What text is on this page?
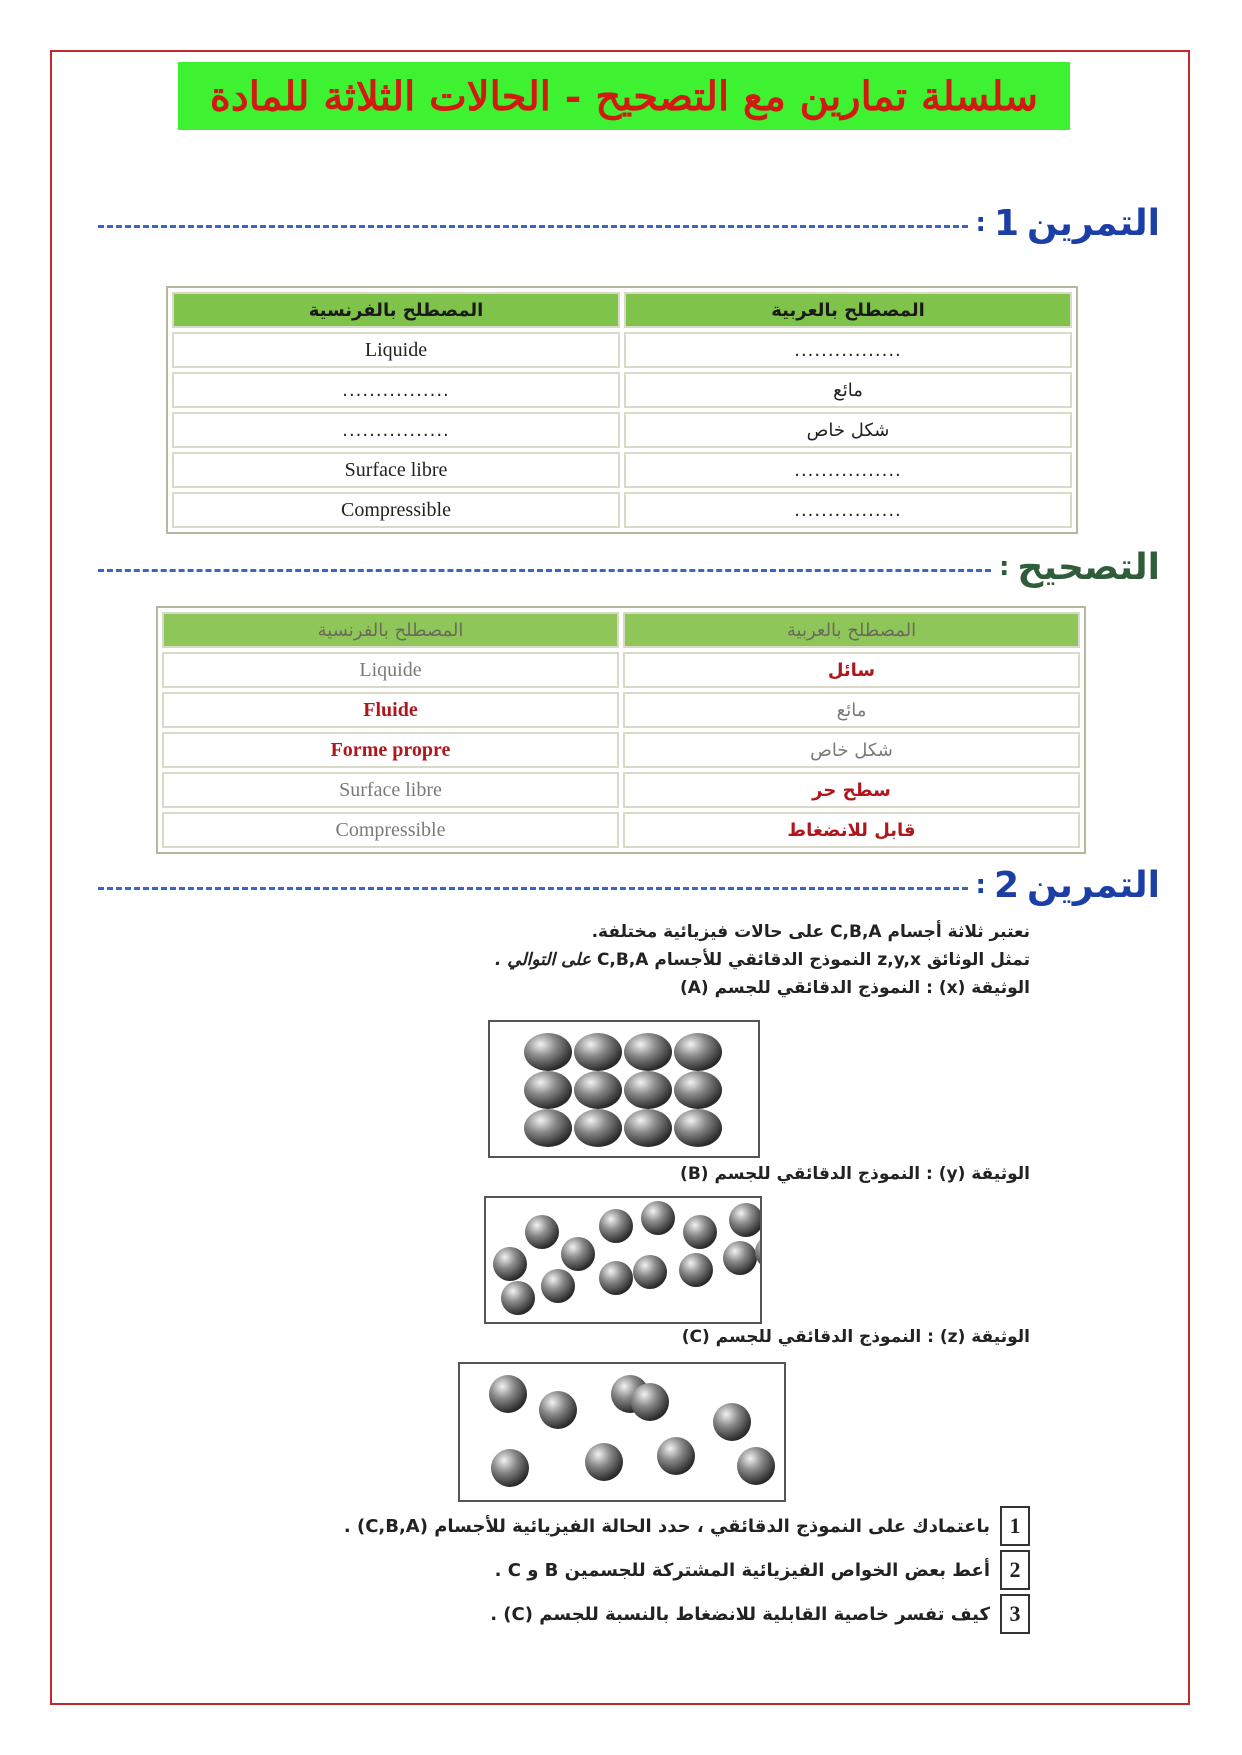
سلسلة تمارين مع التصحيح - الحالات الثلاثة للمادة
التمرين
1
:
المصطلح بالفرنسية	المصطلح بالعربية
Liquide	................
................	مائع
................	شكل خاص
Surface libre	................
Compressible	................
التصحيح
:
المصطلح بالفرنسية	المصطلح بالعربية
Liquide	سائل
Fluide	مائع
Forme propre	شكل خاص
Surface libre	سطح حر
Compressible	قابل للانضغاط
التمرين
2
:
نعتبر ثلاثة أجسام C,B,A على حالات فيزيائية مختلفة.
تمثل الوثائق z,y,x النموذج الدقائقي للأجسام C,B,A على التوالي .
الوثيقة (x) : النموذج الدقائقي للجسم (A)
الوثيقة (y) : النموذج الدقائقي للجسم (B)
الوثيقة (z) : النموذج الدقائقي للجسم (C)
1
باعتمادك على النموذج الدقائقي ، حدد الحالة الفيزيائية للأجسام (C,B,A) .
2
أعط بعض الخواص الفيزيائية المشتركة للجسمين B و C .
3
كيف تفسر خاصية القابلية للانضغاط بالنسبة للجسم (C) .
